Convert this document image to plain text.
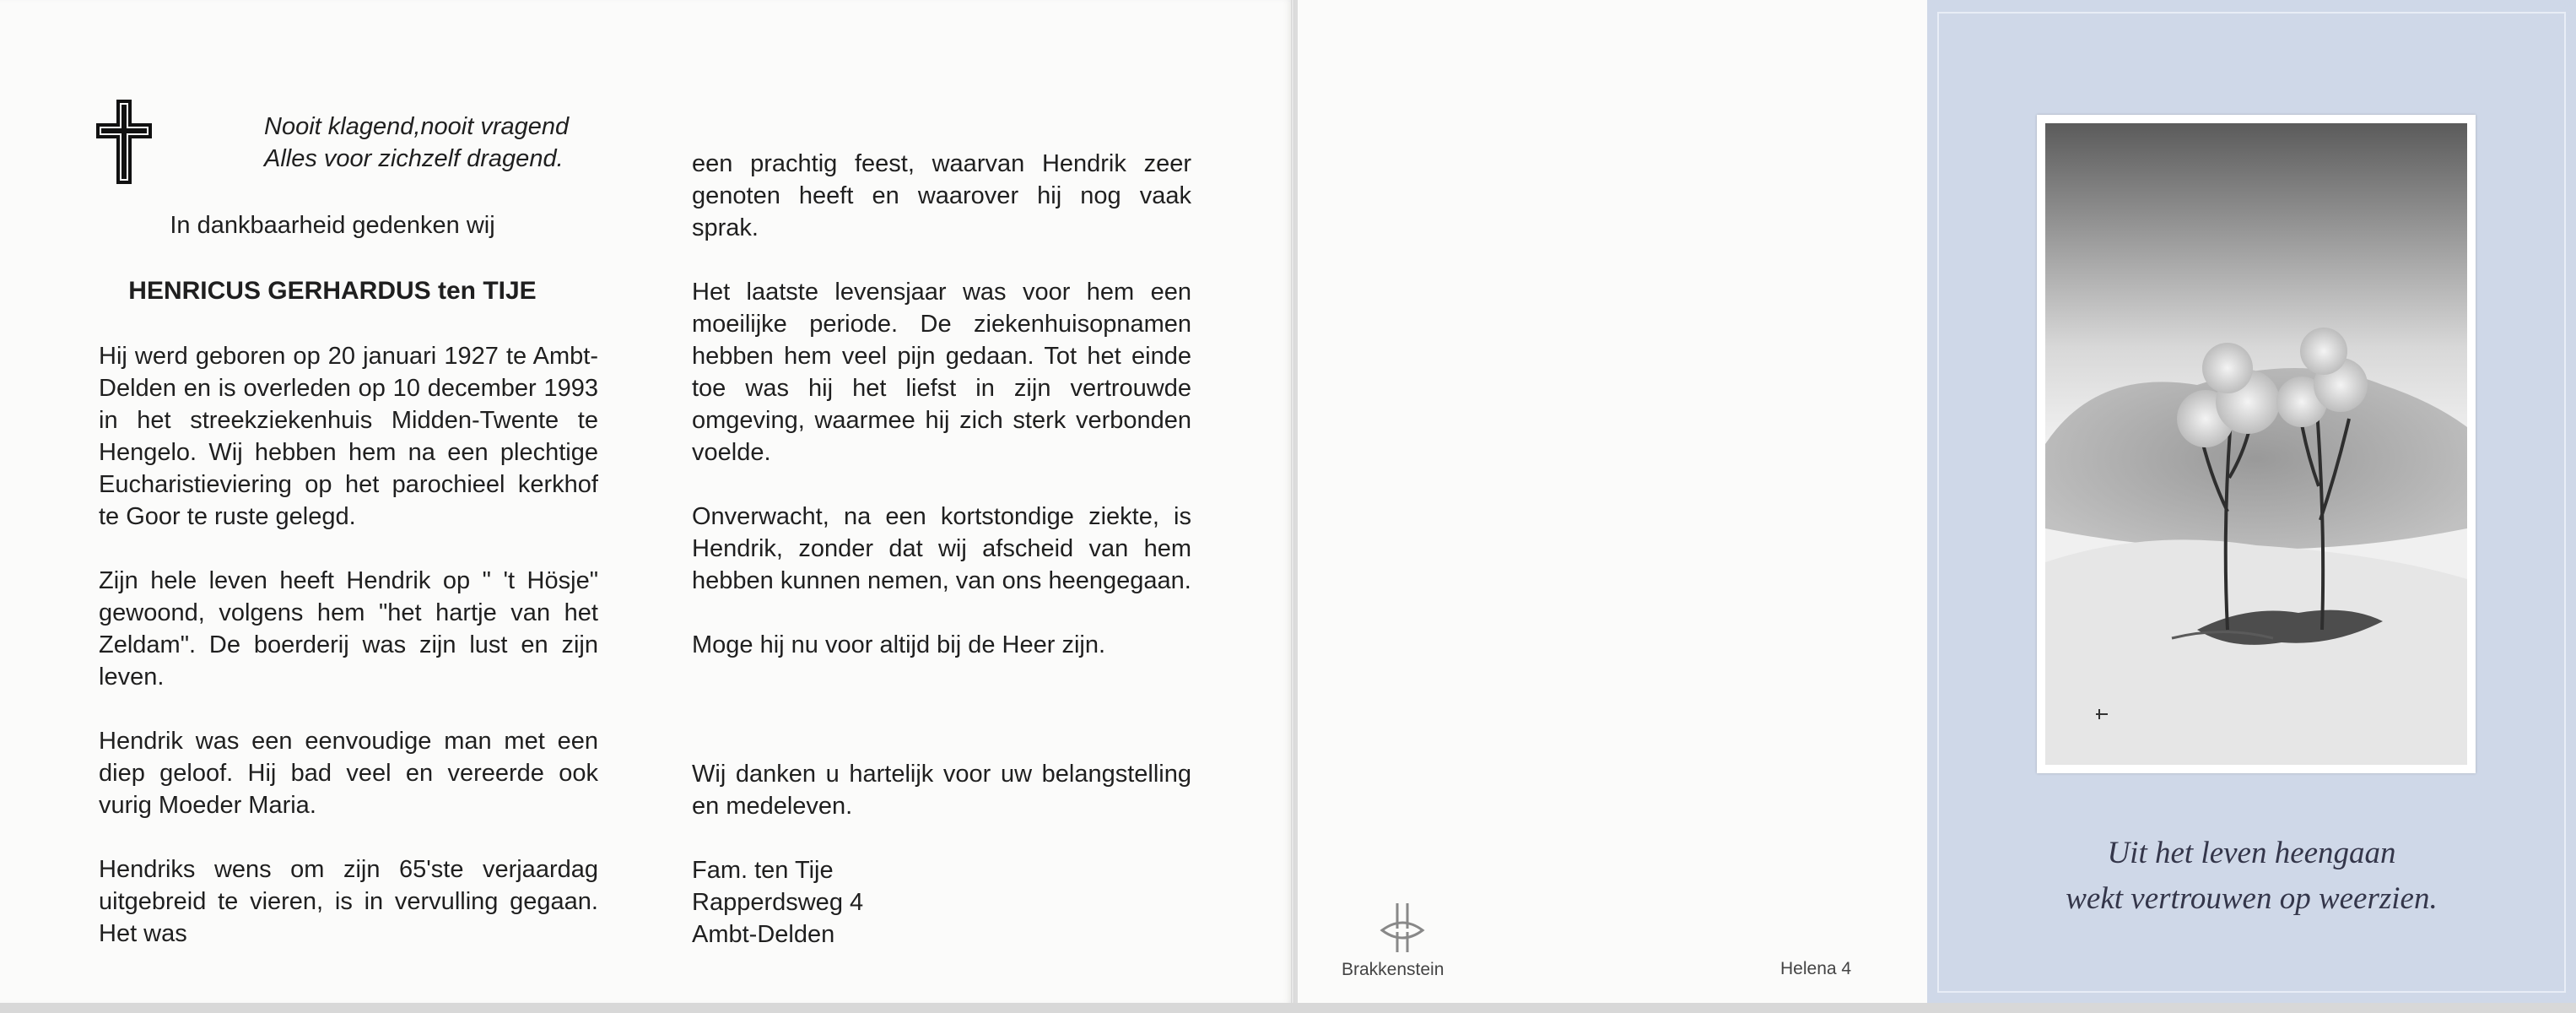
Nooit klagend,nooit vragend
Alles voor zichzelf dragend.
In dankbaarheid gedenken wij
HENRICUS GERHARDUS ten TIJE

Hij werd geboren op 20 januari 1927 te Ambt-Delden en is overleden op 10 december 1993 in het streekziekenhuis Midden-Twente te Hengelo. Wij hebben hem na een plechtige Eucharistieviering op het parochieel kerkhof te Goor te ruste gelegd.

Zijn hele leven heeft Hendrik op " 't Hösje" gewoond, volgens hem "het hartje van het Zeldam". De boerderij was zijn lust en zijn leven.

Hendrik was een eenvoudige man met een diep geloof. Hij bad veel en vereerde ook vurig Moeder Maria.

Hendriks wens om zijn 65'ste verjaardag uitgebreid te vieren, is in vervulling gegaan. Het was

een prachtig feest, waarvan Hendrik zeer genoten heeft en waarover hij nog vaak sprak.

Het laatste levensjaar was voor hem een moeilijke periode. De ziekenhuisopnamen hebben hem veel pijn gedaan. Tot het einde toe was hij het liefst in zijn vertrouwde omgeving, waarmee hij zich sterk verbonden voelde.

Onverwacht, na een kortstondige ziekte, is Hendrik, zonder dat wij afscheid van hem hebben kunnen nemen, van ons heengegaan.

Moge hij nu voor altijd bij de Heer zijn.

Wij danken u hartelijk voor uw belangstelling en medeleven.
Fam. ten Tije
Rapperdsweg 4
Ambt-Delden
Brakkenstein	Helena 4
Uit het leven heengaan
wekt vertrouwen op weerzien.
